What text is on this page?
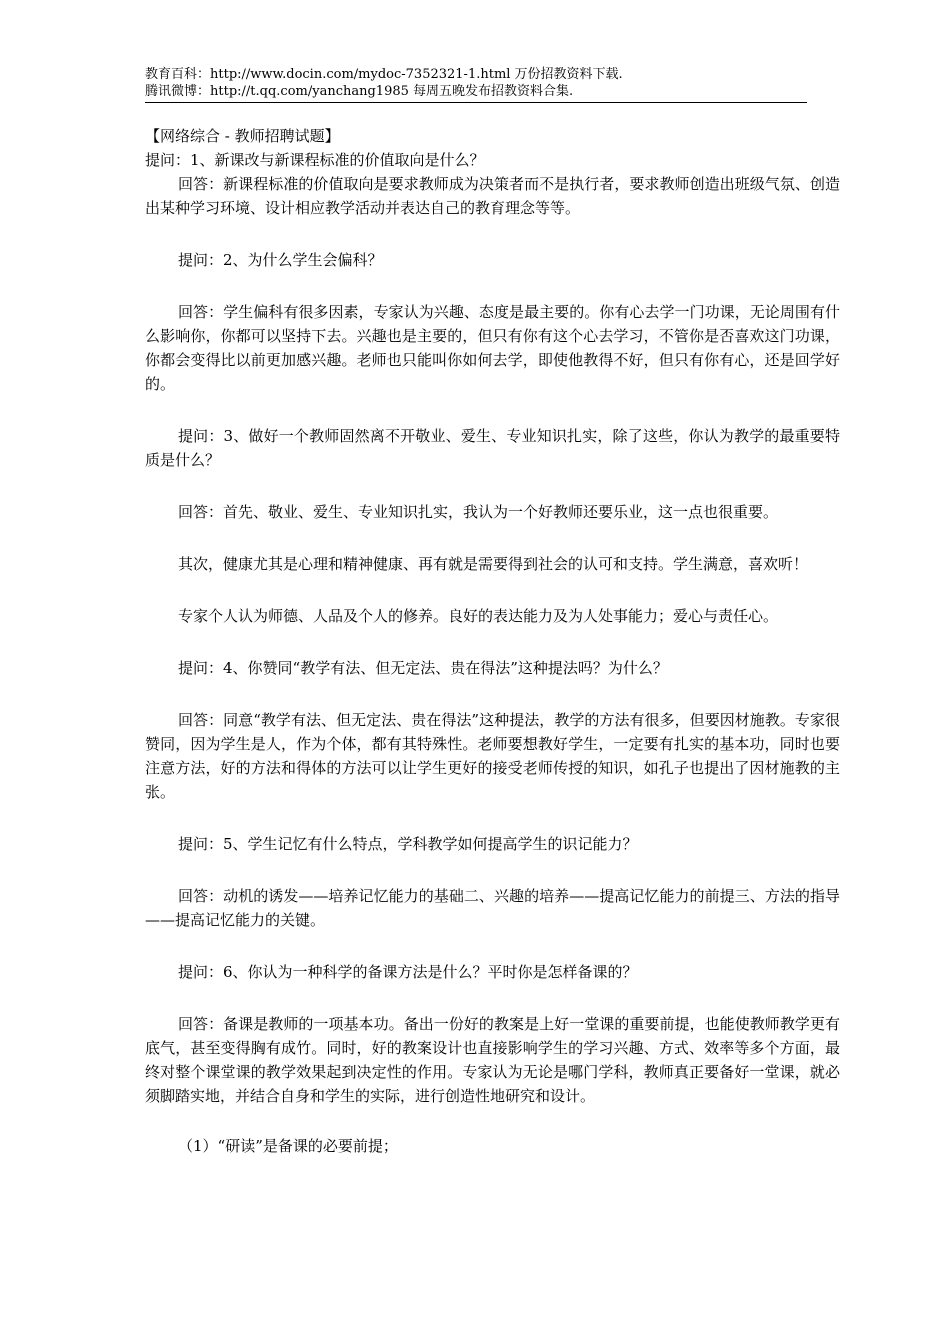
教育百科：http://www.docin.com/mydoc-7352321-1.html 万份招教资料下载.
腾讯微博：http://t.qq.com/yanchang1985 每周五晚发布招教资料合集.

【网络综合 - 教师招聘试题】

提问：1、新课改与新课程标准的价值取向是什么？

回答：新课程标准的价值取向是要求教师成为决策者而不是执行者，要求教师创造出班级气氛、创造出某种学习环境、设计相应教学活动并表达自己的教育理念等等。

提问：2、为什么学生会偏科？

回答：学生偏科有很多因素，专家认为兴趣、态度是最主要的。你有心去学一门功课，无论周围有什么影响你，你都可以坚持下去。兴趣也是主要的，但只有你有这个心去学习，不管你是否喜欢这门功课，你都会变得比以前更加感兴趣。老师也只能叫你如何去学，即使他教得不好，但只有你有心，还是回学好的。

提问：3、做好一个教师固然离不开敬业、爱生、专业知识扎实，除了这些，你认为教学的最重要特质是什么？

回答：首先、敬业、爱生、专业知识扎实，我认为一个好教师还要乐业，这一点也很重要。

其次，健康尤其是心理和精神健康、再有就是需要得到社会的认可和支持。学生满意，喜欢听！

专家个人认为师德、人品及个人的修养。良好的表达能力及为人处事能力；爱心与责任心。

提问：4、你赞同“教学有法、但无定法、贵在得法”这种提法吗？为什么？

回答：同意“教学有法、但无定法、贵在得法”这种提法，教学的方法有很多，但要因材施教。专家很赞同，因为学生是人，作为个体，都有其特殊性。老师要想教好学生，一定要有扎实的基本功，同时也要注意方法，好的方法和得体的方法可以让学生更好的接受老师传授的知识，如孔子也提出了因材施教的主张。

提问：5、学生记忆有什么特点，学科教学如何提高学生的识记能力？

回答：动机的诱发——培养记忆能力的基础二、兴趣的培养——提高记忆能力的前提三、方法的指导——提高记忆能力的关键。

提问：6、你认为一种科学的备课方法是什么？平时你是怎样备课的？

回答：备课是教师的一项基本功。备出一份好的教案是上好一堂课的重要前提，也能使教师教学更有底气，甚至变得胸有成竹。同时，好的教案设计也直接影响学生的学习兴趣、方式、效率等多个方面，最终对整个课堂课的教学效果起到决定性的作用。专家认为无论是哪门学科，教师真正要备好一堂课，就必须脚踏实地，并结合自身和学生的实际，进行创造性地研究和设计。

（1）“研读”是备课的必要前提；
